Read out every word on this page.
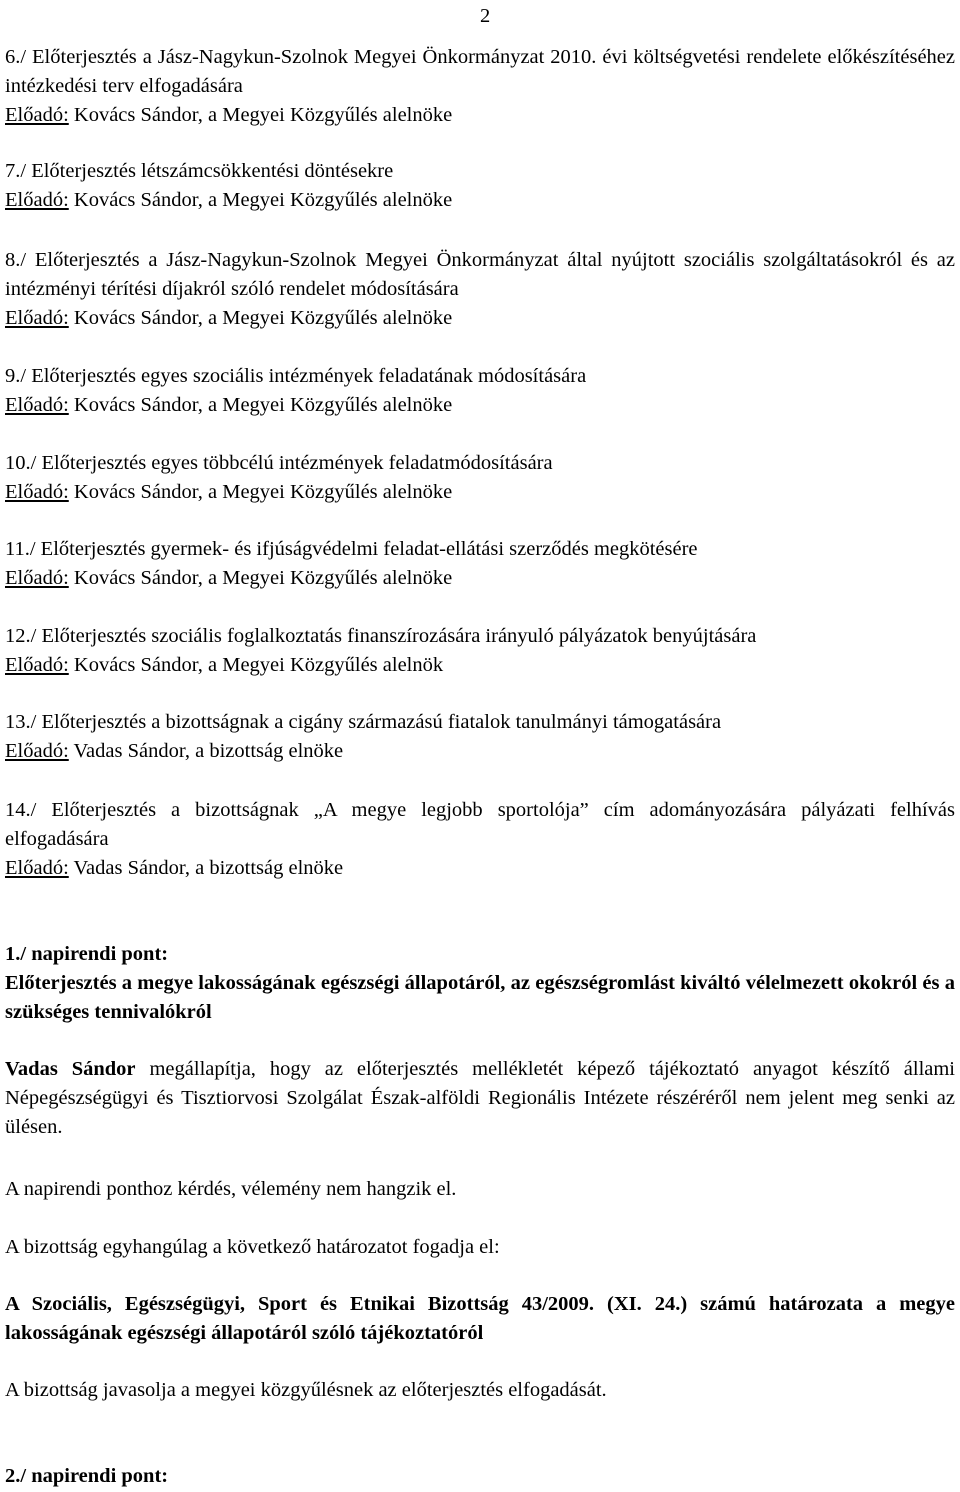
2
6./ Előterjesztés a Jász-Nagykun-Szolnok Megyei Önkormányzat 2010. évi költségvetési rendelete előkészítéséhez intézkedési terv elfogadására
Előadó: Kovács Sándor, a Megyei Közgyűlés alelnöke
7./ Előterjesztés létszámcsökkentési döntésekre
Előadó: Kovács Sándor, a Megyei Közgyűlés alelnöke
8./ Előterjesztés a Jász-Nagykun-Szolnok Megyei Önkormányzat által nyújtott szociális szolgáltatásokról és az intézményi térítési díjakról szóló rendelet módosítására
Előadó: Kovács Sándor, a Megyei Közgyűlés alelnöke
9./ Előterjesztés egyes szociális intézmények feladatának módosítására
Előadó: Kovács Sándor, a Megyei Közgyűlés alelnöke
10./ Előterjesztés egyes többcélú intézmények feladatmódosítására
Előadó: Kovács Sándor, a Megyei Közgyűlés alelnöke
11./ Előterjesztés gyermek- és ifjúságvédelmi feladat-ellátási szerződés megkötésére
Előadó: Kovács Sándor, a Megyei Közgyűlés alelnöke
12./ Előterjesztés szociális foglalkoztatás finanszírozására irányuló pályázatok benyújtására
Előadó: Kovács Sándor, a Megyei Közgyűlés alelnök
13./ Előterjesztés a bizottságnak a cigány származású fiatalok tanulmányi támogatására
Előadó: Vadas Sándor, a bizottság elnöke
14./ Előterjesztés a bizottságnak „A megye legjobb sportolója” cím adományozására pályázati felhívás elfogadására
Előadó: Vadas Sándor, a bizottság elnöke
1./ napirendi pont:
Előterjesztés a megye lakosságának egészségi állapotáról, az egészségromlást kiváltó vélelmezett okokról és a szükséges tennivalókról
Vadas Sándor megállapítja, hogy az előterjesztés mellékletét képező tájékoztató anyagot készítő állami Népegészségügyi és Tisztiorvosi Szolgálat Észak-alföldi Regionális Intézete részéréről nem jelent meg senki az ülésen.
A napirendi ponthoz kérdés, vélemény nem hangzik el.
A bizottság egyhangúlag a következő határozatot fogadja el:
A Szociális, Egészségügyi, Sport és Etnikai Bizottság 43/2009. (XI. 24.) számú határozata a megye lakosságának egészségi állapotáról szóló tájékoztatóról
A bizottság javasolja a megyei közgyűlésnek az előterjesztés elfogadását.
2./ napirendi pont:
